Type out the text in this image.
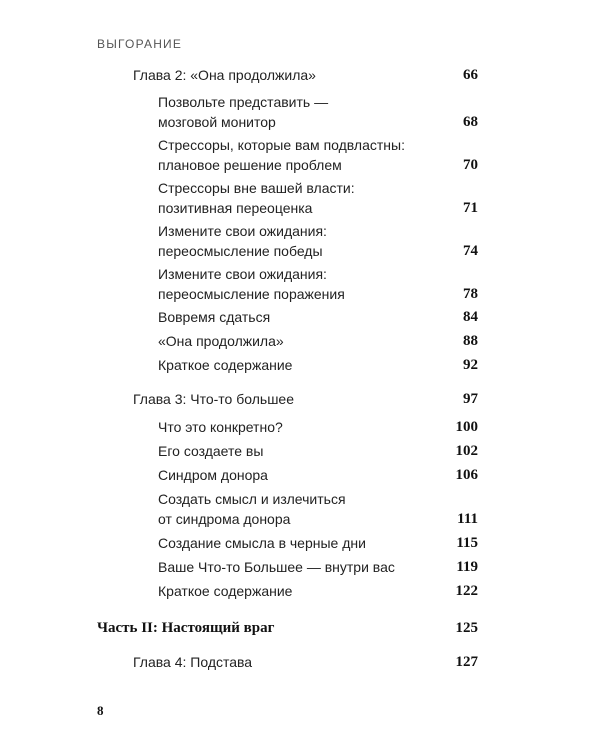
ВЫГОРАНИЕ
Глава 2: «Она продолжила»	66
Позвольте представить —
мозговой монитор	68
Стрессоры, которые вам подвластны:
плановое решение проблем	70
Стрессоры вне вашей власти:
позитивная переоценка	71
Измените свои ожидания:
переосмысление победы	74
Измените свои ожидания:
переосмысление поражения	78
Вовремя сдаться	84
«Она продолжила»	88
Краткое содержание	92
Глава 3: Что-то большее	97
Что это конкретно?	100
Его создаете вы	102
Синдром донора	106
Создать смысл и излечиться
от синдрома донора	111
Создание смысла в черные дни	115
Ваше Что-то Большее — внутри вас	119
Краткое содержание	122
Часть II: Настоящий враг	125
Глава 4: Подстава	127
8
